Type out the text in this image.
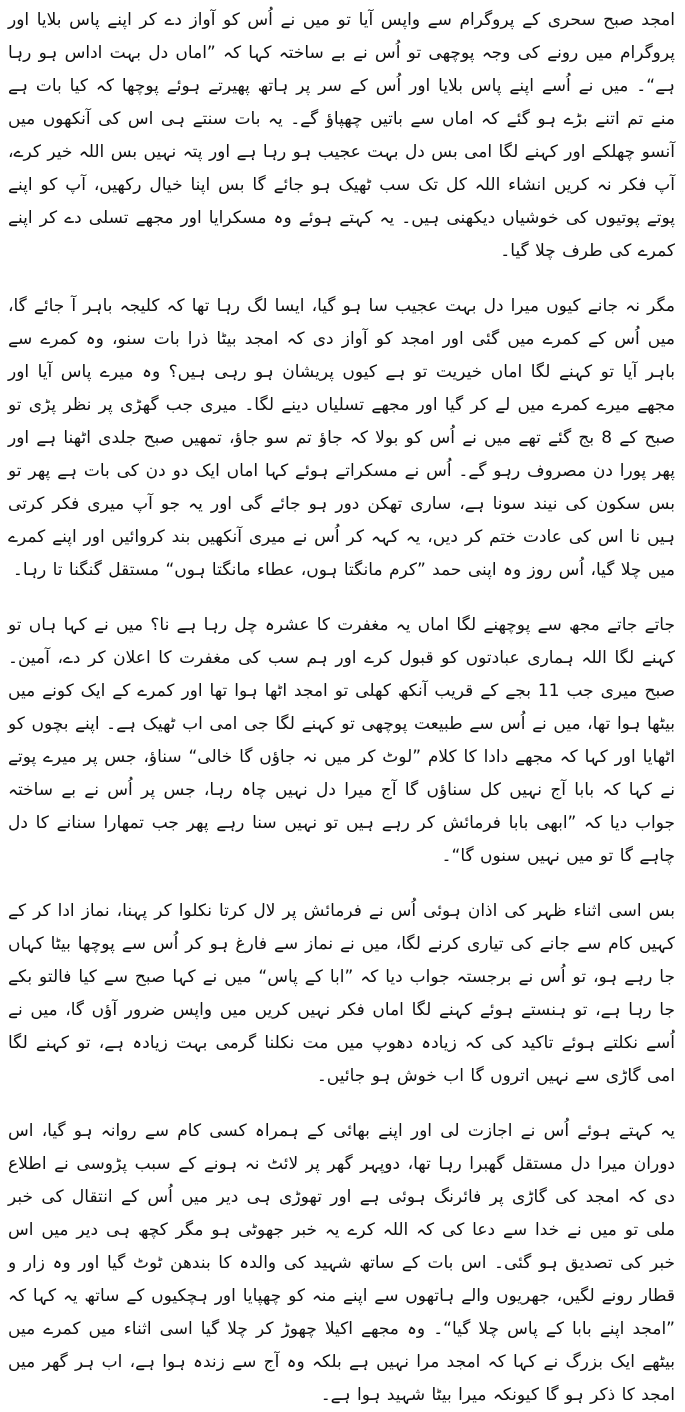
امجد صبح سحری کے پروگرام سے واپس آیا تو میں نے اُس کو آواز دے کر اپنے پاس بلایا اور پروگرام میں رونے کی وجہ پوچھی تو اُس نے بے ساختہ کہا کہ ”اماں دل بہت اداس ہو رہا ہے“۔ میں نے اُسے اپنے پاس بلایا اور اُس کے سر پر ہاتھ پھیرتے ہوئے پوچھا کہ کیا بات ہے منے تم اتنے بڑے ہو گئے کہ اماں سے باتیں چھپاؤ گے۔ یہ بات سنتے ہی اس کی آنکھوں میں آنسو چھلکے اور کہنے لگا امی بس دل بہت عجیب ہو رہا ہے اور پتہ نہیں بس اللہ خیر کرے، آپ فکر نہ کریں انشاء اللہ کل تک سب ٹھیک ہو جائے گا بس اپنا خیال رکھیں، آپ کو اپنے پوتے پوتیوں کی خوشیاں دیکھنی ہیں۔ یہ کہتے ہوئے وہ مسکرایا اور مجھے تسلی دے کر اپنے کمرے کی طرف چلا گیا۔

مگر نہ جانے کیوں میرا دل بہت عجیب سا ہو گیا، ایسا لگ رہا تھا کہ کلیجہ باہر آ جائے گا، میں اُس کے کمرے میں گئی اور امجد کو آواز دی کہ امجد بیٹا ذرا بات سنو، وہ کمرے سے باہر آیا تو کہنے لگا اماں خیریت تو ہے کیوں پریشان ہو رہی ہیں؟ وہ میرے پاس آیا اور مجھے میرے کمرے میں لے کر گیا اور مجھے تسلیاں دینے لگا۔ میری جب گھڑی پر نظر پڑی تو صبح کے 8 بج گئے تھے میں نے اُس کو بولا کہ جاؤ تم سو جاؤ، تمھیں صبح جلدی اٹھنا ہے اور پھر پورا دن مصروف رہو گے۔ اُس نے مسکراتے ہوئے کہا اماں ایک دو دن کی بات ہے پھر تو بس سکون کی نیند سونا ہے، ساری تھکن دور ہو جائے گی اور یہ جو آپ میری فکر کرتی ہیں نا اس کی عادت ختم کر دیں، یہ کہہ کر اُس نے میری آنکھیں بند کروائیں اور اپنے کمرے میں چلا گیا، اُس روز وہ اپنی حمد ”کرم مانگتا ہوں، عطاء مانگتا ہوں“ مستقل گنگنا تا رہا۔

جاتے جاتے مجھ سے پوچھنے لگا اماں یہ مغفرت کا عشرہ چل رہا ہے نا؟ میں نے کہا ہاں تو کہنے لگا اللہ ہماری عبادتوں کو قبول کرے اور ہم سب کی مغفرت کا اعلان کر دے، آمین۔ صبح میری جب 11 بجے کے قریب آنکھ کھلی تو امجد اٹھا ہوا تھا اور کمرے کے ایک کونے میں بیٹھا ہوا تھا، میں نے اُس سے طبیعت پوچھی تو کہنے لگا جی امی اب ٹھیک ہے۔ اپنے بچوں کو اٹھایا اور کہا کہ مجھے دادا کا کلام ”لوٹ کر میں نہ جاؤں گا خالی“ سناؤ، جس پر میرے پوتے نے کہا کہ بابا آج نہیں کل سناؤں گا آج میرا دل نہیں چاہ رہا، جس پر اُس نے بے ساختہ جواب دیا کہ ”ابھی بابا فرمائش کر رہے ہیں تو نہیں سنا رہے پھر جب تمھارا سنانے کا دل چاہے گا تو میں نہیں سنوں گا“۔

بس اسی اثناء ظہر کی اذان ہوئی اُس نے فرمائش پر لال کرتا نکلوا کر پہنا، نماز ادا کر کے کہیں کام سے جانے کی تیاری کرنے لگا، میں نے نماز سے فارغ ہو کر اُس سے پوچھا بیٹا کہاں جا رہے ہو، تو اُس نے برجستہ جواب دیا کہ ”ابا کے پاس“ میں نے کہا صبح سے کیا فالتو بکے جا رہا ہے، تو ہنستے ہوئے کہنے لگا اماں فکر نہیں کریں میں واپس ضرور آؤں گا، میں نے اُسے نکلتے ہوئے تاکید کی کہ زیادہ دھوپ میں مت نکلنا گرمی بہت زیادہ ہے، تو کہنے لگا امی گاڑی سے نہیں اتروں گا اب خوش ہو جائیں۔

یہ کہتے ہوئے اُس نے اجازت لی اور اپنے بھائی کے ہمراہ کسی کام سے روانہ ہو گیا، اس دوران میرا دل مستقل گھبرا رہا تھا، دوپہر گھر پر لائٹ نہ ہونے کے سبب پڑوسی نے اطلاع دی کہ امجد کی گاڑی پر فائرنگ ہوئی ہے اور تھوڑی ہی دیر میں اُس کے انتقال کی خبر ملی تو میں نے خدا سے دعا کی کہ اللہ کرے یہ خبر جھوٹی ہو مگر کچھ ہی دیر میں اس خبر کی تصدیق ہو گئی۔ اس بات کے ساتھ شہید کی والدہ کا بندھن ٹوٹ گیا اور وہ زار و قطار رونے لگیں، جھریوں والے ہاتھوں سے اپنے منہ کو چھپایا اور ہچکیوں کے ساتھ یہ کہا کہ ”امجد اپنے بابا کے پاس چلا گیا“۔ وہ مجھے اکیلا چھوڑ کر چلا گیا اسی اثناء میں کمرے میں بیٹھے ایک بزرگ نے کہا کہ امجد مرا نہیں ہے بلکہ وہ آج سے زندہ ہوا ہے، اب ہر گھر میں امجد کا ذکر ہو گا کیونکہ میرا بیٹا شہید ہوا ہے۔
